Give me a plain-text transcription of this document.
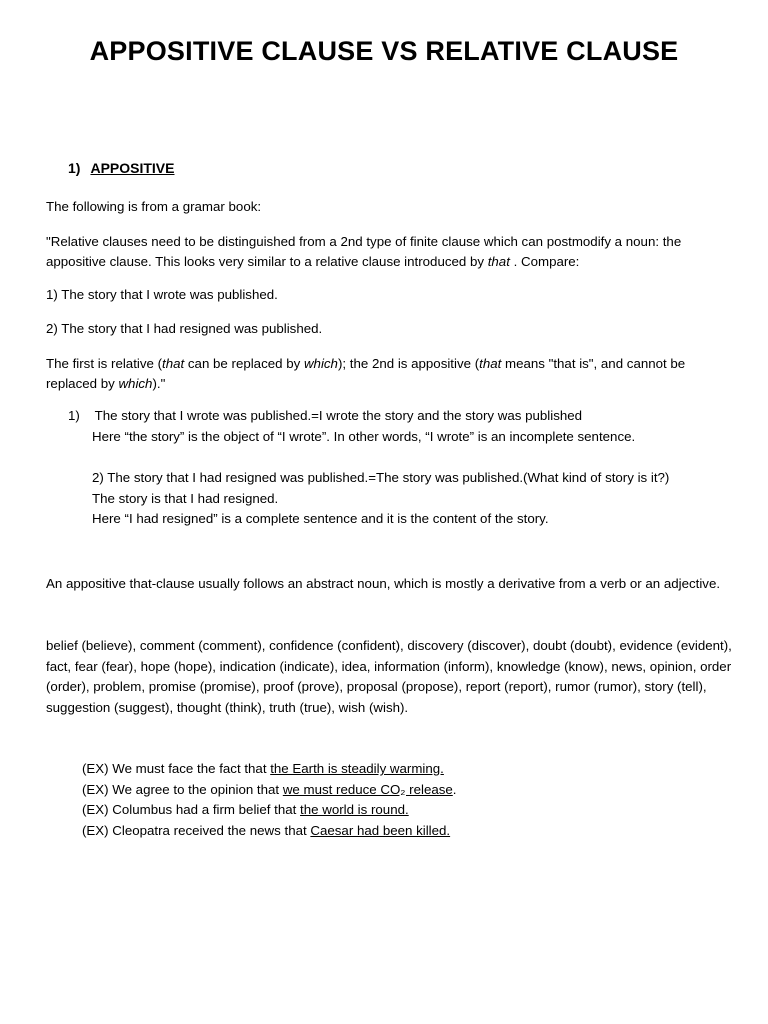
APPOSITIVE CLAUSE VS RELATIVE CLAUSE
1) APPOSITIVE
The following is from a gramar book:
"Relative clauses need to be distinguished from a 2nd type of finite clause which can postmodify a noun: the appositive clause. This looks very similar to a relative clause introduced by that . Compare:
1) The story that I wrote was published.
2) The story that I had resigned was published.
The first is relative (that can be replaced by which); the 2nd is appositive (that means "that is", and cannot be replaced by which)."
1) The story that I wrote was published.=I wrote the story and the story was published
Here “the story” is the object of “I wrote”. In other words, “I wrote” is an incomplete sentence.
2) The story that I had resigned was published.=The story was published.(What kind of story is it?)
The story is that I had resigned.
Here “I had resigned” is a complete sentence and it is the content of the story.
An appositive that-clause usually follows an abstract noun, which is mostly a derivative from a verb or an adjective.
belief (believe), comment (comment), confidence (confident), discovery (discover), doubt (doubt), evidence (evident), fact, fear (fear), hope (hope), indication (indicate), idea, information (inform), knowledge (know), news, opinion, order (order), problem, promise (promise), proof (prove), proposal (propose), report (report), rumor (rumor), story (tell), suggestion (suggest), thought (think), truth (true), wish (wish).
(EX) We must face the fact that the Earth is steadily warming.
(EX) We agree to the opinion that we must reduce CO₂ release.
(EX) Columbus had a firm belief that the world is round.
(EX) Cleopatra received the news that Caesar had been killed.
